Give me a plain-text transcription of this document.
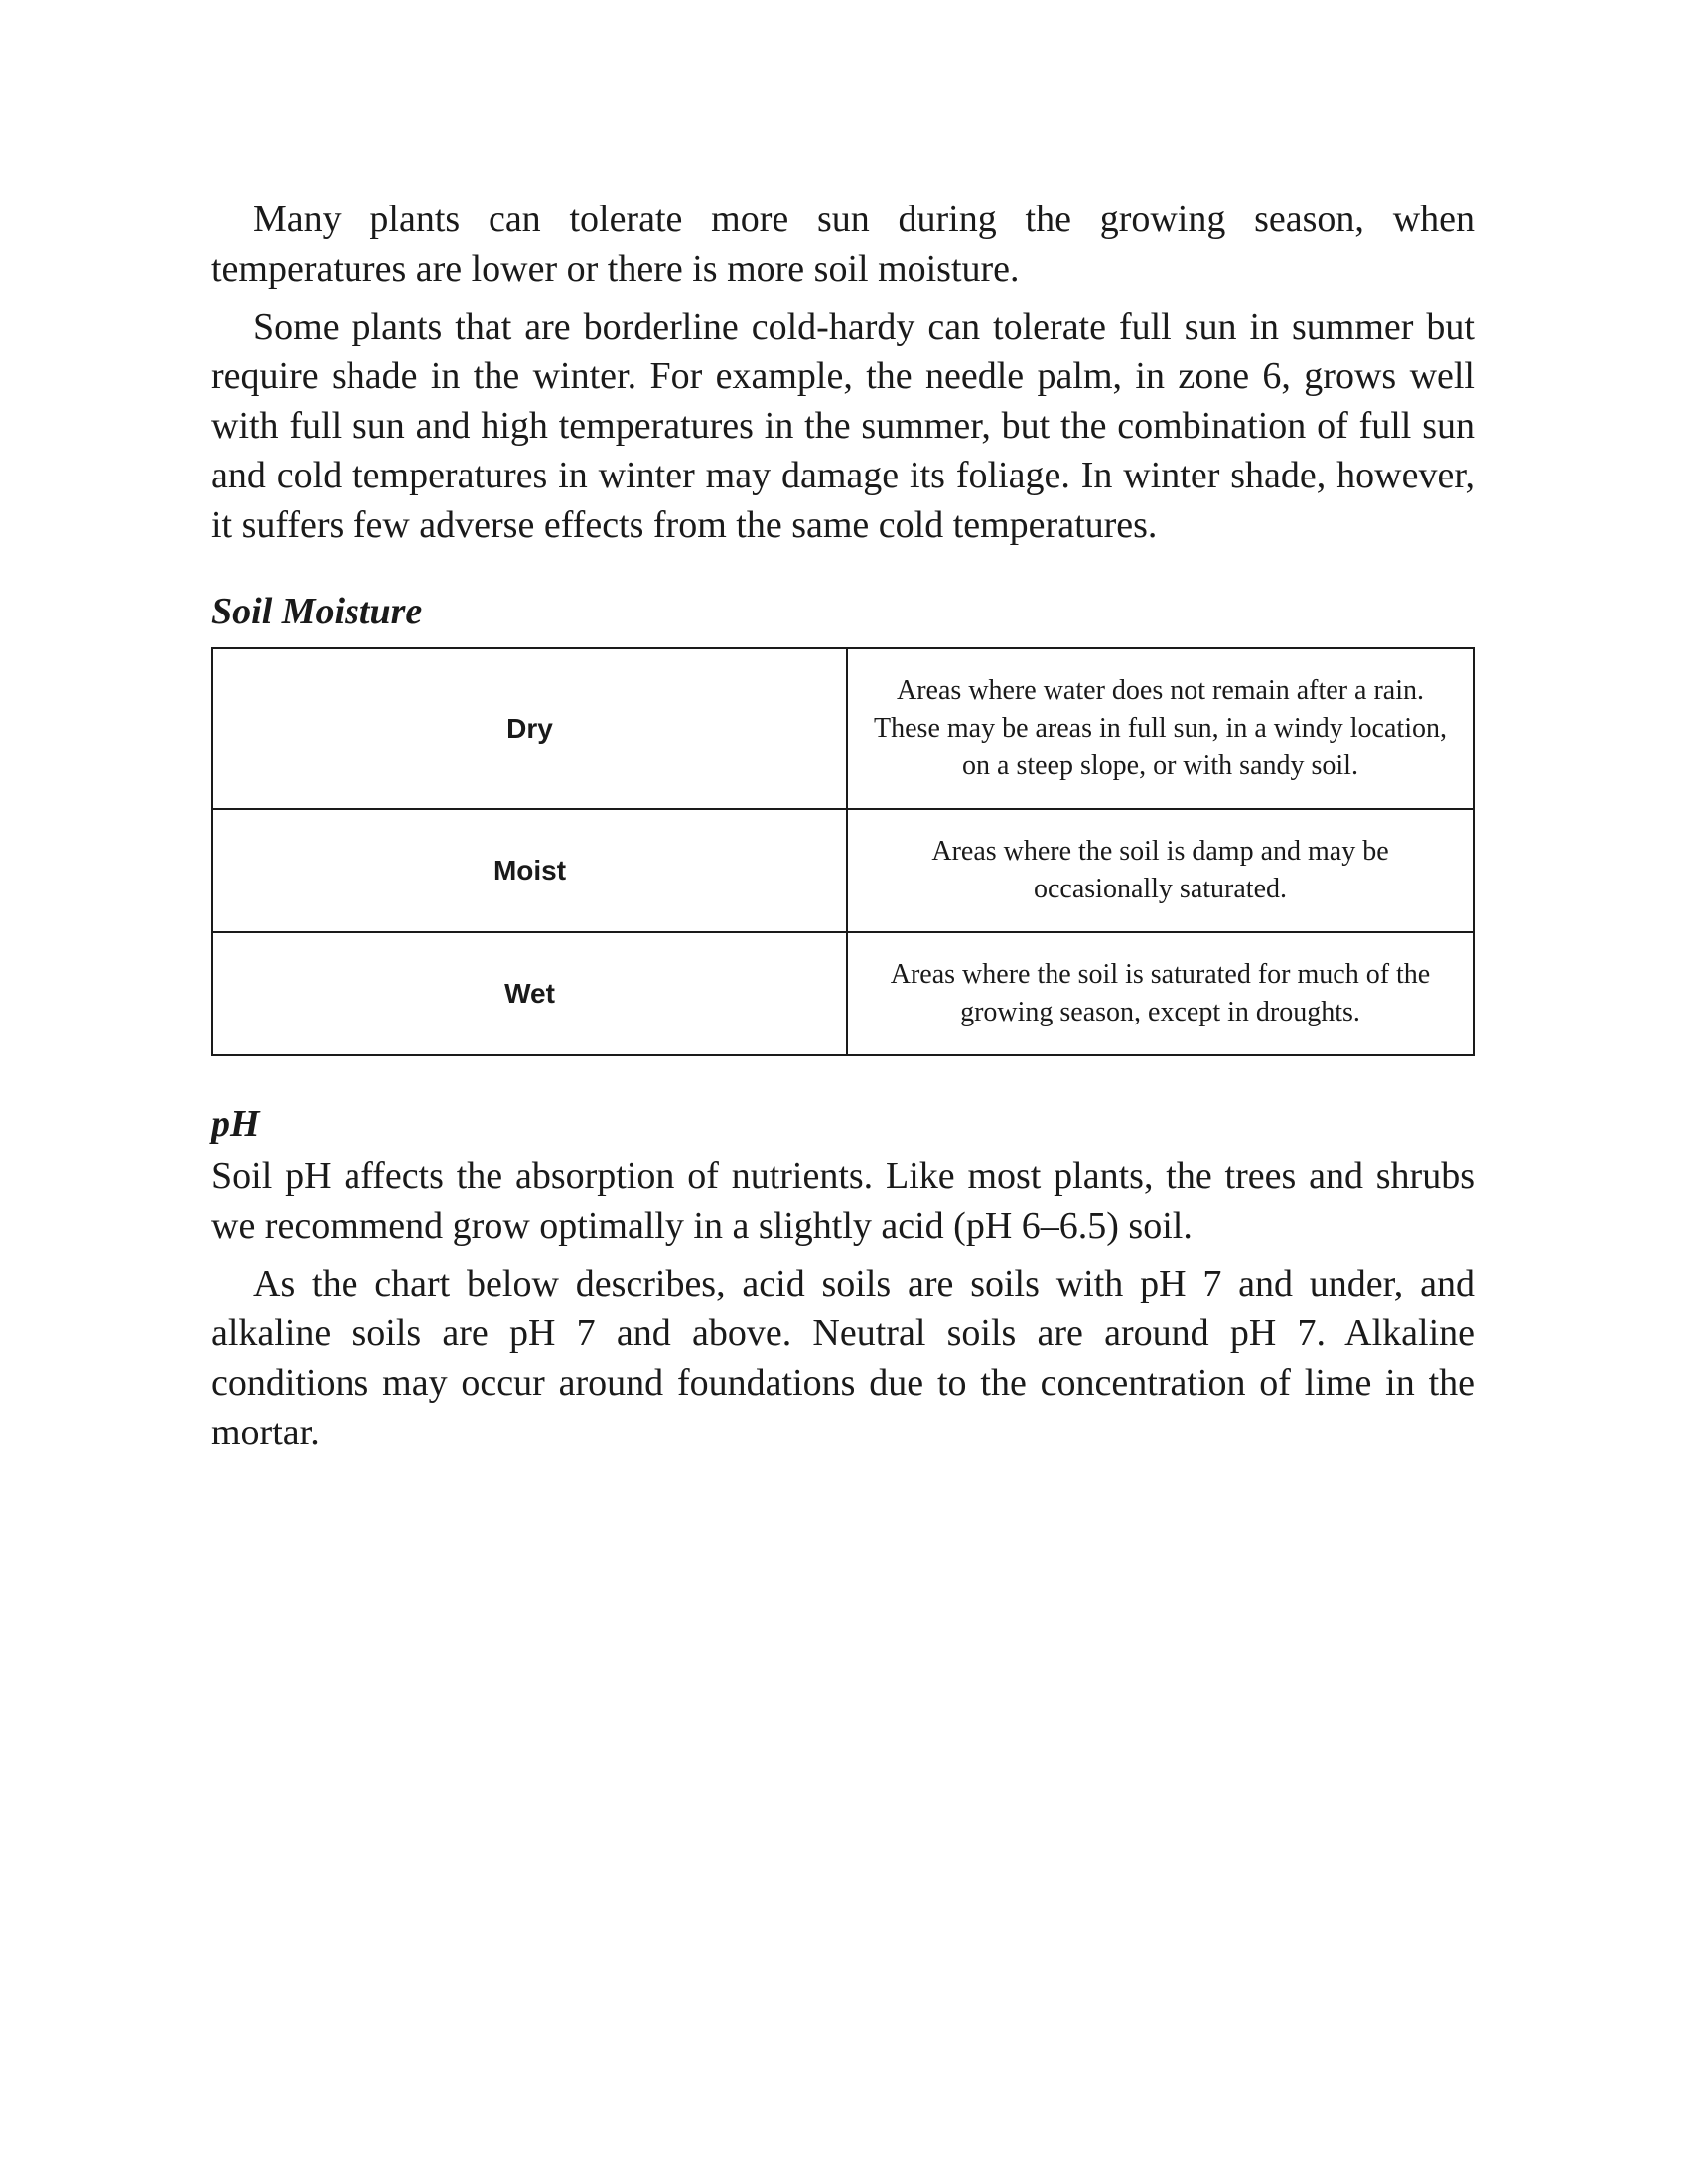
Many plants can tolerate more sun during the growing season, when temperatures are lower or there is more soil moisture.

Some plants that are borderline cold-hardy can tolerate full sun in summer but require shade in the winter. For example, the needle palm, in zone 6, grows well with full sun and high temperatures in the summer, but the combination of full sun and cold temperatures in winter may damage its foliage. In winter shade, however, it suffers few adverse effects from the same cold temperatures.

Soil Moisture
Dry	Areas where water does not remain after a rain. These may be areas in full sun, in a windy location, on a steep slope, or with sandy soil.
Moist	Areas where the soil is damp and may be occasionally saturated.
Wet	Areas where the soil is saturated for much of the growing season, except in droughts.
pH

Soil pH affects the absorption of nutrients. Like most plants, the trees and shrubs we recommend grow optimally in a slightly acid (pH 6–6.5) soil.

As the chart below describes, acid soils are soils with pH 7 and under, and alkaline soils are pH 7 and above. Neutral soils are around pH 7. Alkaline conditions may occur around foundations due to the concentration of lime in the mortar.
